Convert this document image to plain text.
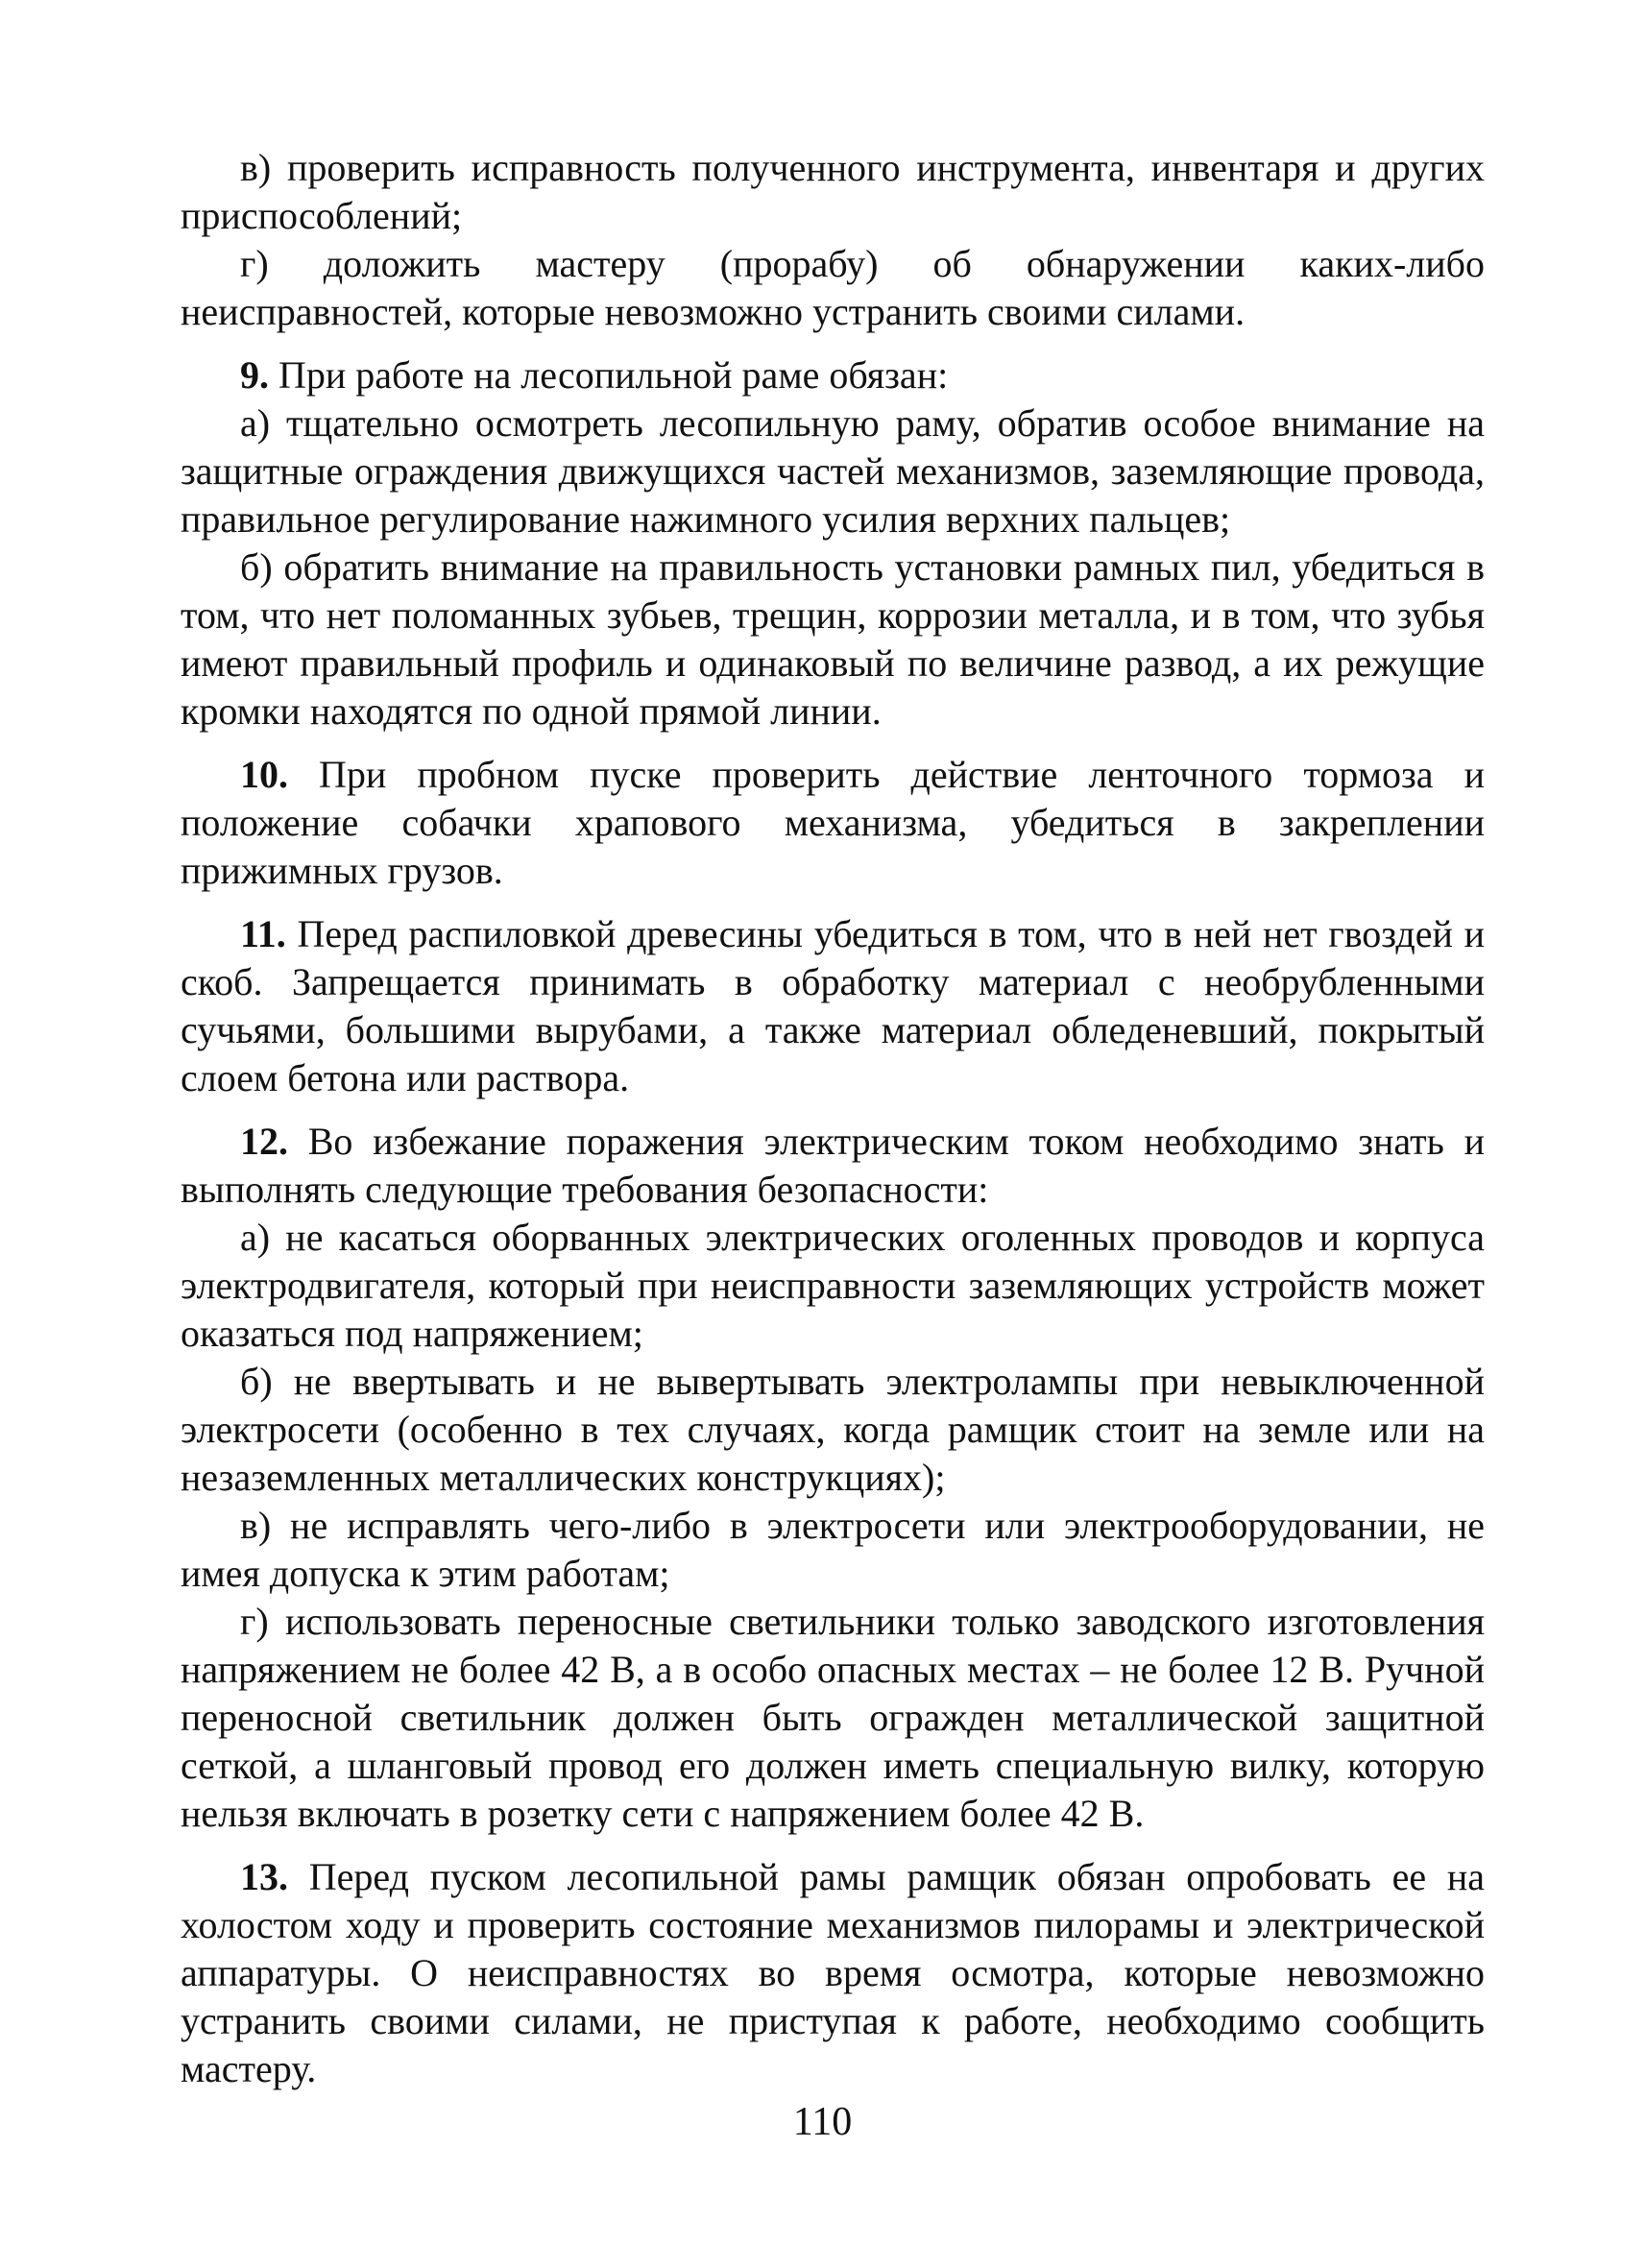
в) проверить исправность полученного инструмента, инвентаря и других приспособлений;

г) доложить мастеру (прорабу) об обнаружении каких-либо неисправностей, которые невозможно устранить своими силами.

9. При работе на лесопильной раме обязан:

а) тщательно осмотреть лесопильную раму, обратив особое внимание на защитные ограждения движущихся частей механизмов, заземляющие провода, правильное регулирование нажимного усилия верхних пальцев;

б) обратить внимание на правильность установки рамных пил, убедиться в том, что нет поломанных зубьев, трещин, коррозии металла, и в том, что зубья имеют правильный профиль и одинаковый по величине развод, а их режущие кромки находятся по одной прямой линии.

10. При пробном пуске проверить действие ленточного тормоза и положение собачки храпового механизма, убедиться в закреплении прижимных грузов.

11. Перед распиловкой древесины убедиться в том, что в ней нет гвоздей и скоб. Запрещается принимать в обработку материал с необрубленными сучьями, большими вырубами, а также материал обледеневший, покрытый слоем бетона или раствора.

12. Во избежание поражения электрическим током необходимо знать и выполнять следующие требования безопасности:

а) не касаться оборванных электрических оголенных проводов и корпуса электродвигателя, который при неисправности заземляющих устройств может оказаться под напряжением;

б) не ввертывать и не вывертывать электролампы при невыключенной электросети (особенно в тех случаях, когда рамщик стоит на земле или на незаземленных металлических конструкциях);

в) не исправлять чего-либо в электросети или электрооборудовании, не имея допуска к этим работам;

г) использовать переносные светильники только заводского изготовления напряжением не более 42 В, а в особо опасных местах – не более 12 В. Ручной переносной светильник должен быть огражден металлической защитной сеткой, а шланговый провод его должен иметь специальную вилку, которую нельзя включать в розетку сети с напряжением более 42 В.

13. Перед пуском лесопильной рамы рамщик обязан опробовать ее на холостом ходу и проверить состояние механизмов пилорамы и электрической аппаратуры. О неисправностях во время осмотра, которые невозможно устранить своими силами, не приступая к работе, необходимо сообщить мастеру.

110
